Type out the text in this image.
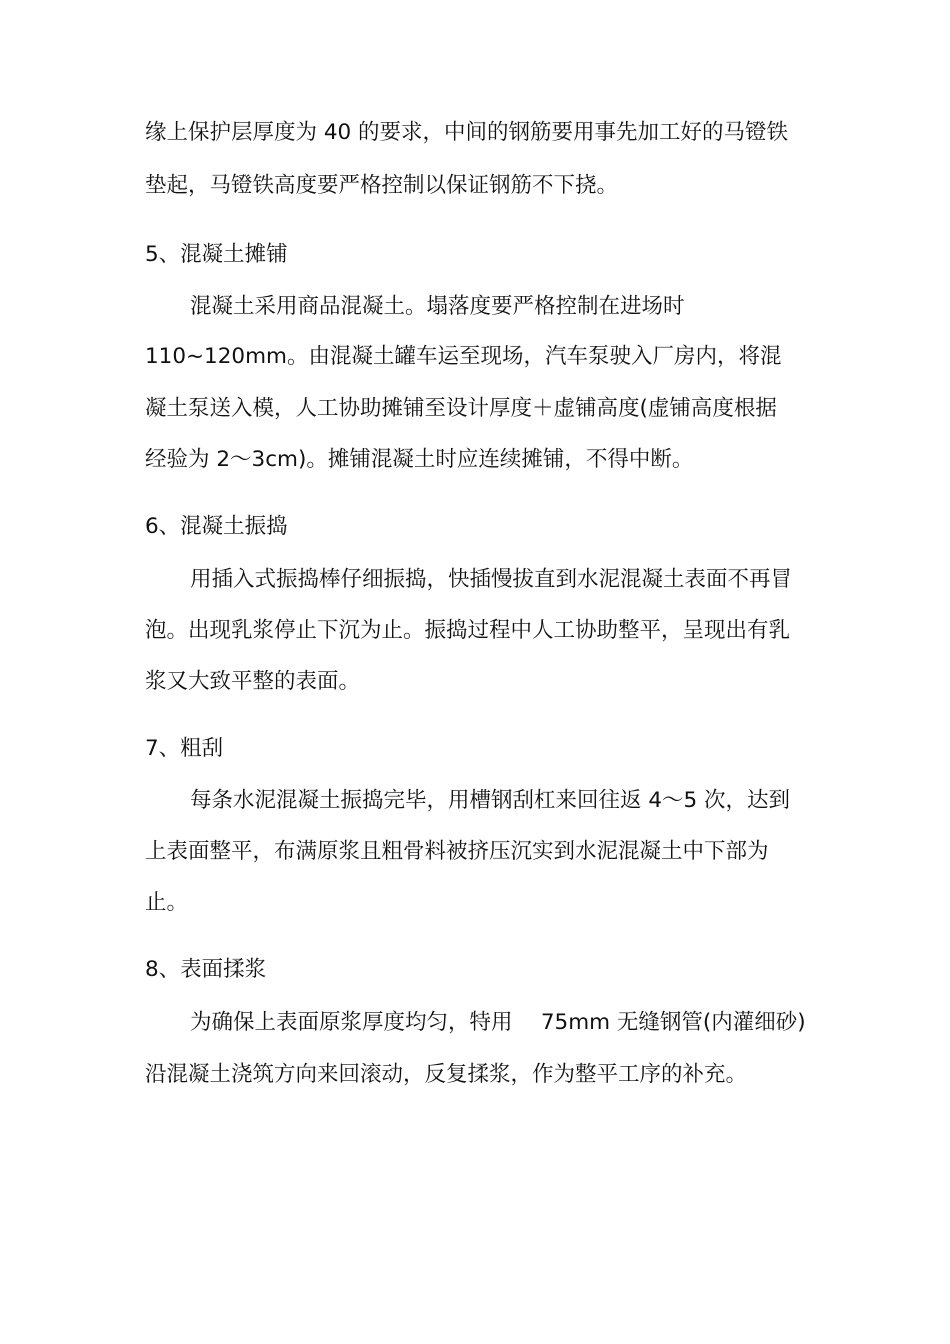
缘上保护层厚度为 40 的要求，中间的钢筋要用事先加工好的马镫铁
垫起，马镫铁高度要严格控制以保证钢筋不下挠。
5、混凝土摊铺
混凝土采用商品混凝土。塌落度要严格控制在进场时
110~120mm。由混凝土罐车运至现场，汽车泵驶入厂房内，将混
凝土泵送入模，人工协助摊铺至设计厚度＋虚铺高度(虚铺高度根据
经验为 2～3cm)。摊铺混凝土时应连续摊铺，不得中断。
6、混凝土振捣
用插入式振捣棒仔细振捣，快插慢拔直到水泥混凝土表面不再冒
泡。出现乳浆停止下沉为止。振捣过程中人工协助整平，呈现出有乳
浆又大致平整的表面。
7、粗刮
每条水泥混凝土振捣完毕，用槽钢刮杠来回往返 4～5 次，达到
上表面整平，布满原浆且粗骨料被挤压沉实到水泥混凝土中下部为
止。
8、表面揉浆
为确保上表面原浆厚度均匀，特用　 75mm 无缝钢管(内灌细砂)
沿混凝土浇筑方向来回滚动，反复揉浆，作为整平工序的补充。
